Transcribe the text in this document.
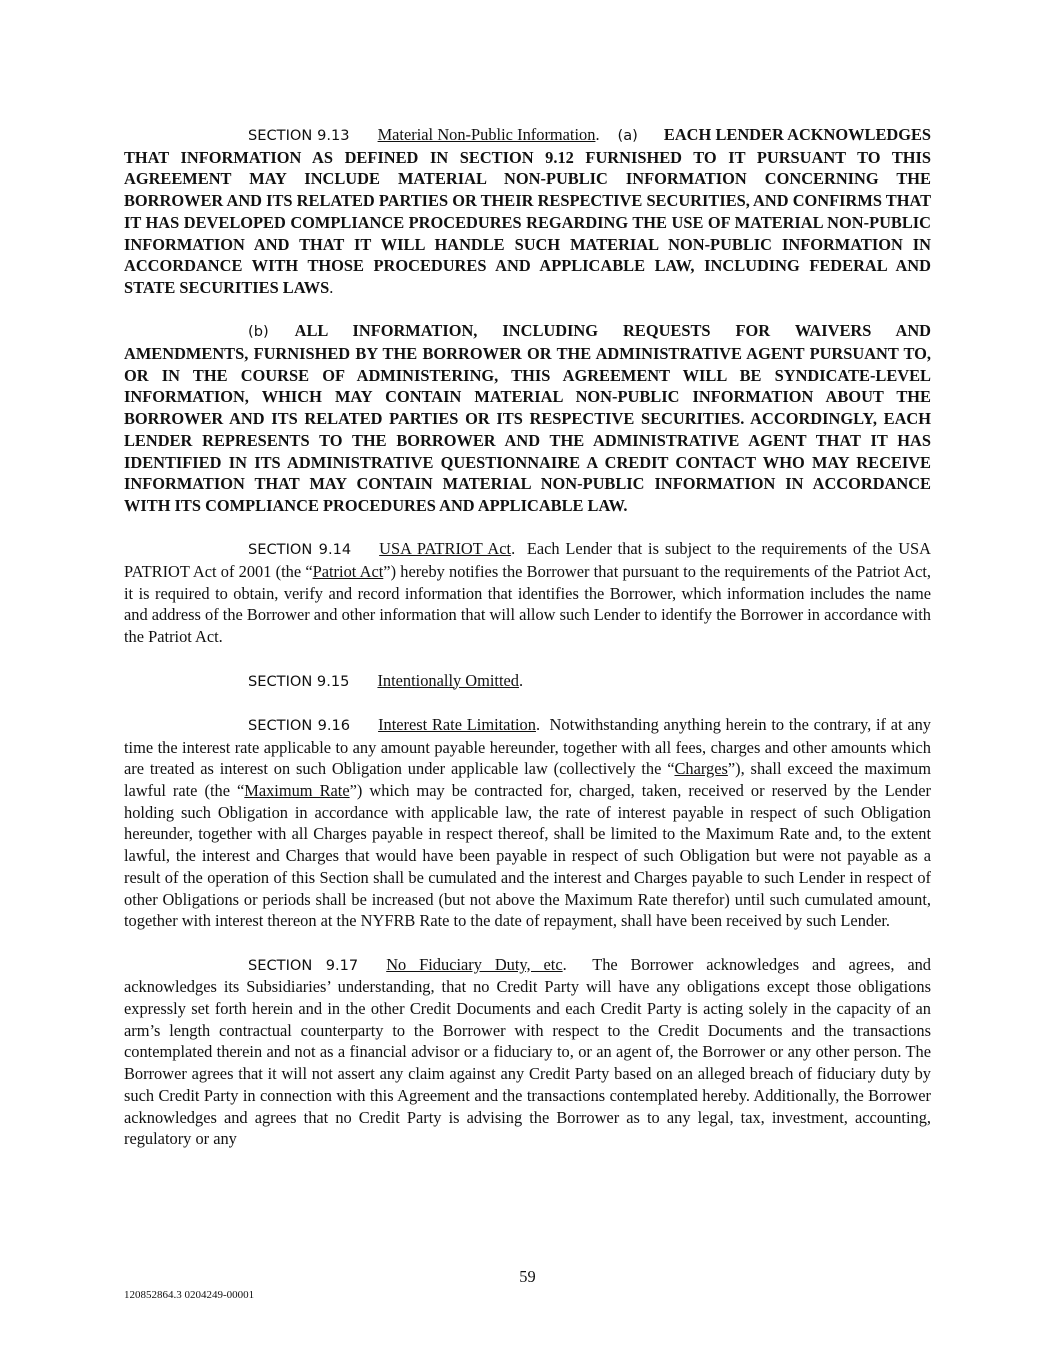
SECTION 9.13 Material Non-Public Information. (a) EACH LENDER ACKNOWLEDGES THAT INFORMATION AS DEFINED IN SECTION 9.12 FURNISHED TO IT PURSUANT TO THIS AGREEMENT MAY INCLUDE MATERIAL NON-PUBLIC INFORMATION CONCERNING THE BORROWER AND ITS RELATED PARTIES OR THEIR RESPECTIVE SECURITIES, AND CONFIRMS THAT IT HAS DEVELOPED COMPLIANCE PROCEDURES REGARDING THE USE OF MATERIAL NON-PUBLIC INFORMATION AND THAT IT WILL HANDLE SUCH MATERIAL NON-PUBLIC INFORMATION IN ACCORDANCE WITH THOSE PROCEDURES AND APPLICABLE LAW, INCLUDING FEDERAL AND STATE SECURITIES LAWS.

(b) ALL INFORMATION, INCLUDING REQUESTS FOR WAIVERS AND AMENDMENTS, FURNISHED BY THE BORROWER OR THE ADMINISTRATIVE AGENT PURSUANT TO, OR IN THE COURSE OF ADMINISTERING, THIS AGREEMENT WILL BE SYNDICATE-LEVEL INFORMATION, WHICH MAY CONTAIN MATERIAL NON-PUBLIC INFORMATION ABOUT THE BORROWER AND ITS RELATED PARTIES OR ITS RESPECTIVE SECURITIES. ACCORDINGLY, EACH LENDER REPRESENTS TO THE BORROWER AND THE ADMINISTRATIVE AGENT THAT IT HAS IDENTIFIED IN ITS ADMINISTRATIVE QUESTIONNAIRE A CREDIT CONTACT WHO MAY RECEIVE INFORMATION THAT MAY CONTAIN MATERIAL NON-PUBLIC INFORMATION IN ACCORDANCE WITH ITS COMPLIANCE PROCEDURES AND APPLICABLE LAW.

SECTION 9.14 USA PATRIOT Act.  Each Lender that is subject to the requirements of the USA PATRIOT Act of 2001 (the “Patriot Act”) hereby notifies the Borrower that pursuant to the requirements of the Patriot Act, it is required to obtain, verify and record information that identifies the Borrower, which information includes the name and address of the Borrower and other information that will allow such Lender to identify the Borrower in accordance with the Patriot Act.

SECTION 9.15 Intentionally Omitted.

SECTION 9.16 Interest Rate Limitation.  Notwithstanding anything herein to the contrary, if at any time the interest rate applicable to any amount payable hereunder, together with all fees, charges and other amounts which are treated as interest on such Obligation under applicable law (collectively the “Charges”), shall exceed the maximum lawful rate (the “Maximum Rate”) which may be contracted for, charged, taken, received or reserved by the Lender holding such Obligation in accordance with applicable law, the rate of interest payable in respect of such Obligation hereunder, together with all Charges payable in respect thereof, shall be limited to the Maximum Rate and, to the extent lawful, the interest and Charges that would have been payable in respect of such Obligation but were not payable as a result of the operation of this Section shall be cumulated and the interest and Charges payable to such Lender in respect of other Obligations or periods shall be increased (but not above the Maximum Rate therefor) until such cumulated amount, together with interest thereon at the NYFRB Rate to the date of repayment, shall have been received by such Lender.

SECTION 9.17 No Fiduciary Duty, etc.  The Borrower acknowledges and agrees, and acknowledges its Subsidiaries’ understanding, that no Credit Party will have any obligations except those obligations expressly set forth herein and in the other Credit Documents and each Credit Party is acting solely in the capacity of an arm’s length contractual counterparty to the Borrower with respect to the Credit Documents and the transactions contemplated therein and not as a financial advisor or a fiduciary to, or an agent of, the Borrower or any other person. The Borrower agrees that it will not assert any claim against any Credit Party based on an alleged breach of fiduciary duty by such Credit Party in connection with this Agreement and the transactions contemplated hereby. Additionally, the Borrower acknowledges and agrees that no Credit Party is advising the Borrower as to any legal, tax, investment, accounting, regulatory or any

59
120852864.3 0204249-00001
